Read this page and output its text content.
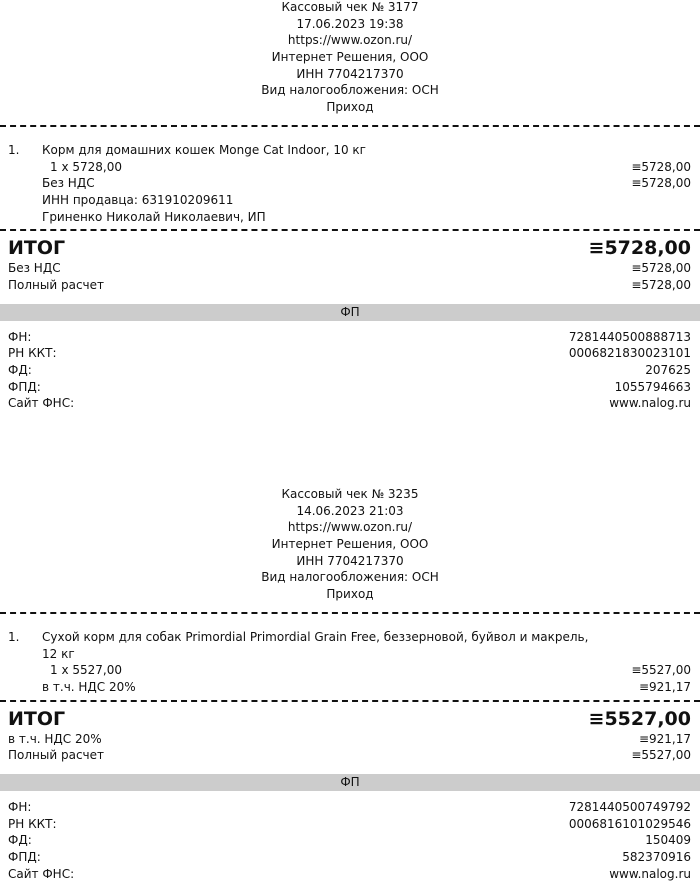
Кассовый чек № 3177
17.06.2023 19:38
https://www.ozon.ru/
Интернет Решения, ООО
ИНН 7704217370
Вид налогообложения: ОСН
Приход
1. Корм для домашних кошек Monge Cat Indoor, 10 кг
1 x 5728,00	≡5728,00
Без НДС	≡5728,00
ИНН продавца: 631910209611
Гриненко Николай Николаевич, ИП
ИТОГ	≡5728,00
Без НДС	≡5728,00
Полный расчет	≡5728,00
ФП
ФН:	7281440500888713
РН ККТ:	0006821830023101
ФД:	207625
ФПД:	1055794663
Сайт ФНС:	www.nalog.ru
Кассовый чек № 3235
14.06.2023 21:03
https://www.ozon.ru/
Интернет Решения, ООО
ИНН 7704217370
Вид налогообложения: ОСН
Приход
1. Сухой корм для собак Primordial Primordial Grain Free, беззерновой, буйвол и макрель,
12 кг
1 x 5527,00	≡5527,00
в т.ч. НДС 20%	≡921,17
ИТОГ	≡5527,00
в т.ч. НДС 20%	≡921,17
Полный расчет	≡5527,00
ФП
ФН:	7281440500749792
РН ККТ:	0006816101029546
ФД:	150409
ФПД:	582370916
Сайт ФНС:	www.nalog.ru
